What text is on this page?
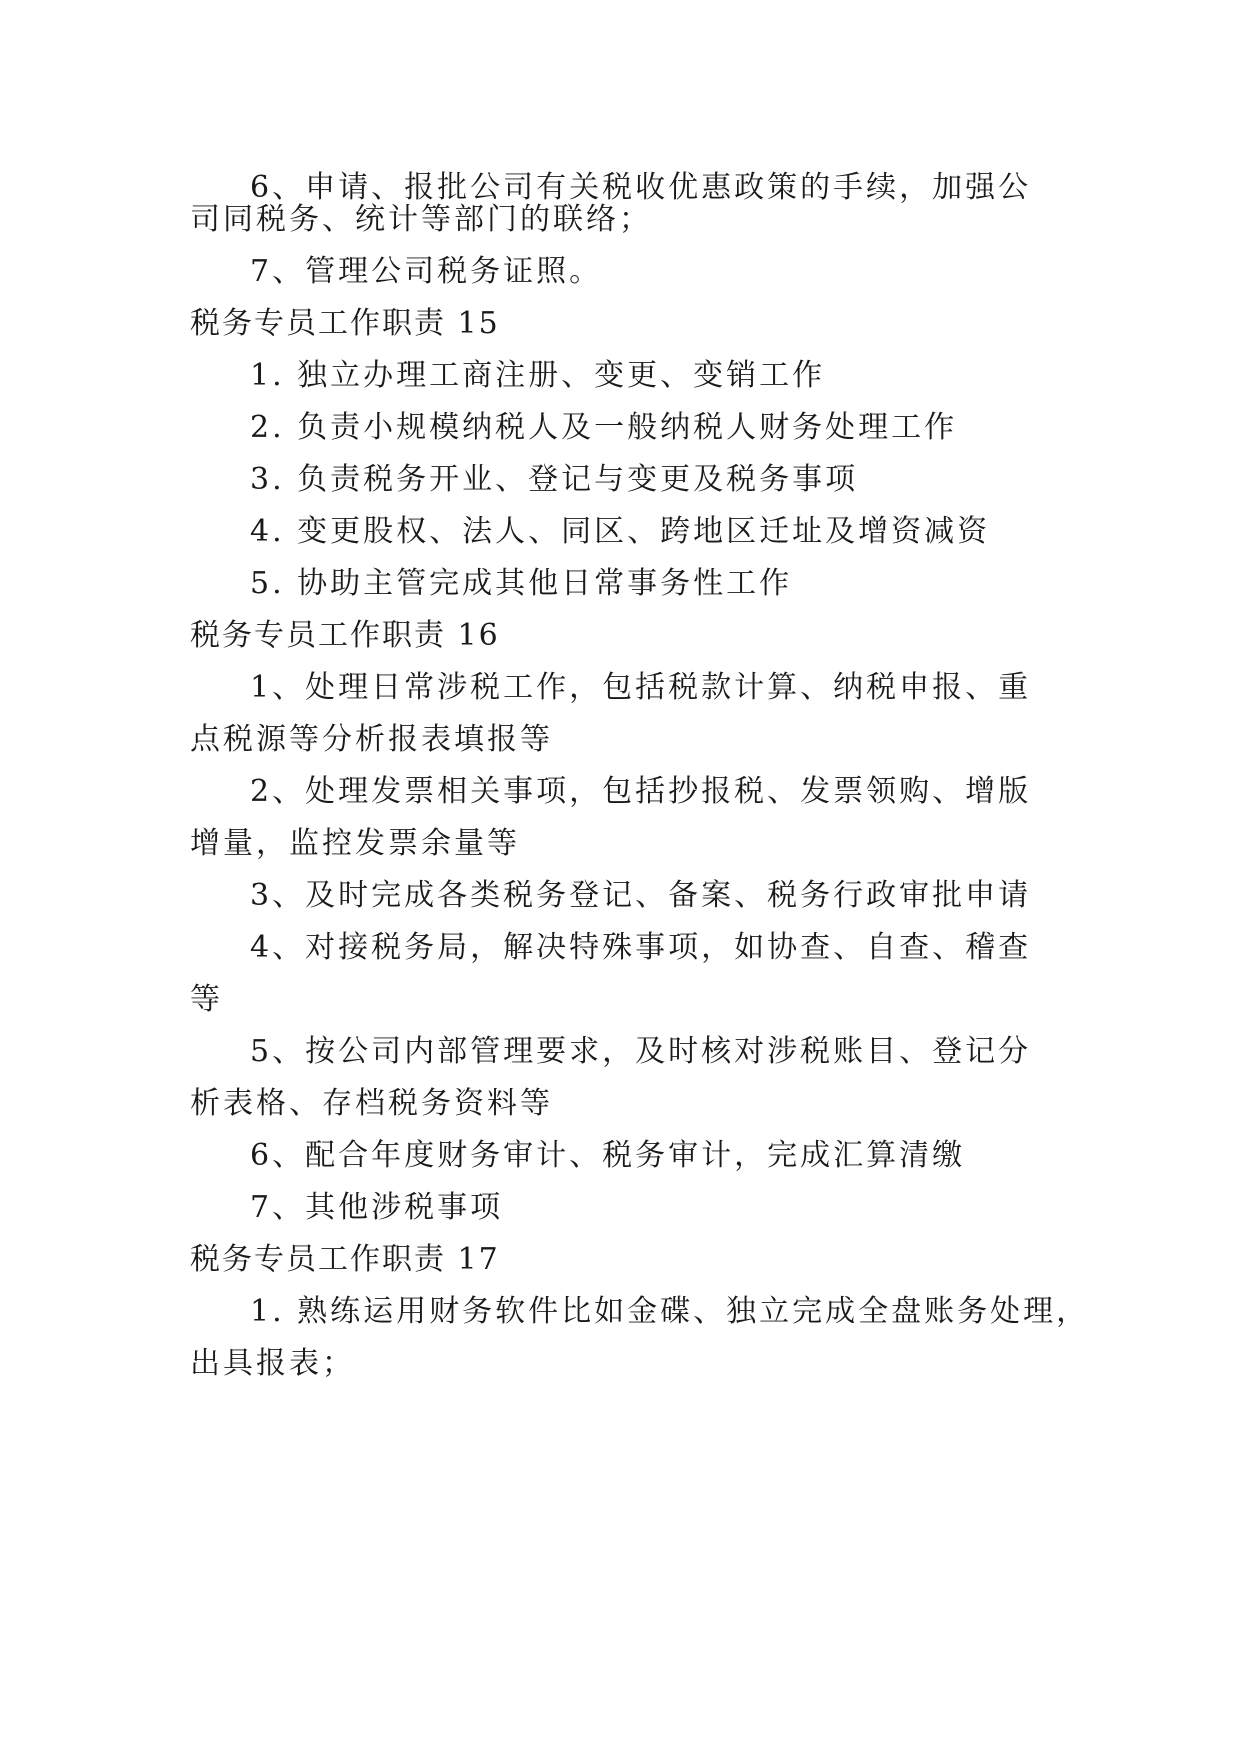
6、申请、报批公司有关税收优惠政策的手续，加强公
司同税务、统计等部门的联络；
7、管理公司税务证照。
税务专员工作职责 15
1. 独立办理工商注册、变更、变销工作
2. 负责小规模纳税人及一般纳税人财务处理工作
3. 负责税务开业、登记与变更及税务事项
4. 变更股权、法人、同区、跨地区迁址及增资减资
5. 协助主管完成其他日常事务性工作
税务专员工作职责 16
1、处理日常涉税工作，包括税款计算、纳税申报、重
点税源等分析报表填报等
2、处理发票相关事项，包括抄报税、发票领购、增版
增量，监控发票余量等
3、及时完成各类税务登记、备案、税务行政审批申请
4、对接税务局，解决特殊事项，如协查、自查、稽查
等
5、按公司内部管理要求，及时核对涉税账目、登记分
析表格、存档税务资料等
6、配合年度财务审计、税务审计，完成汇算清缴
7、其他涉税事项
税务专员工作职责 17
1. 熟练运用财务软件比如金碟、独立完成全盘账务处理，
出具报表；
